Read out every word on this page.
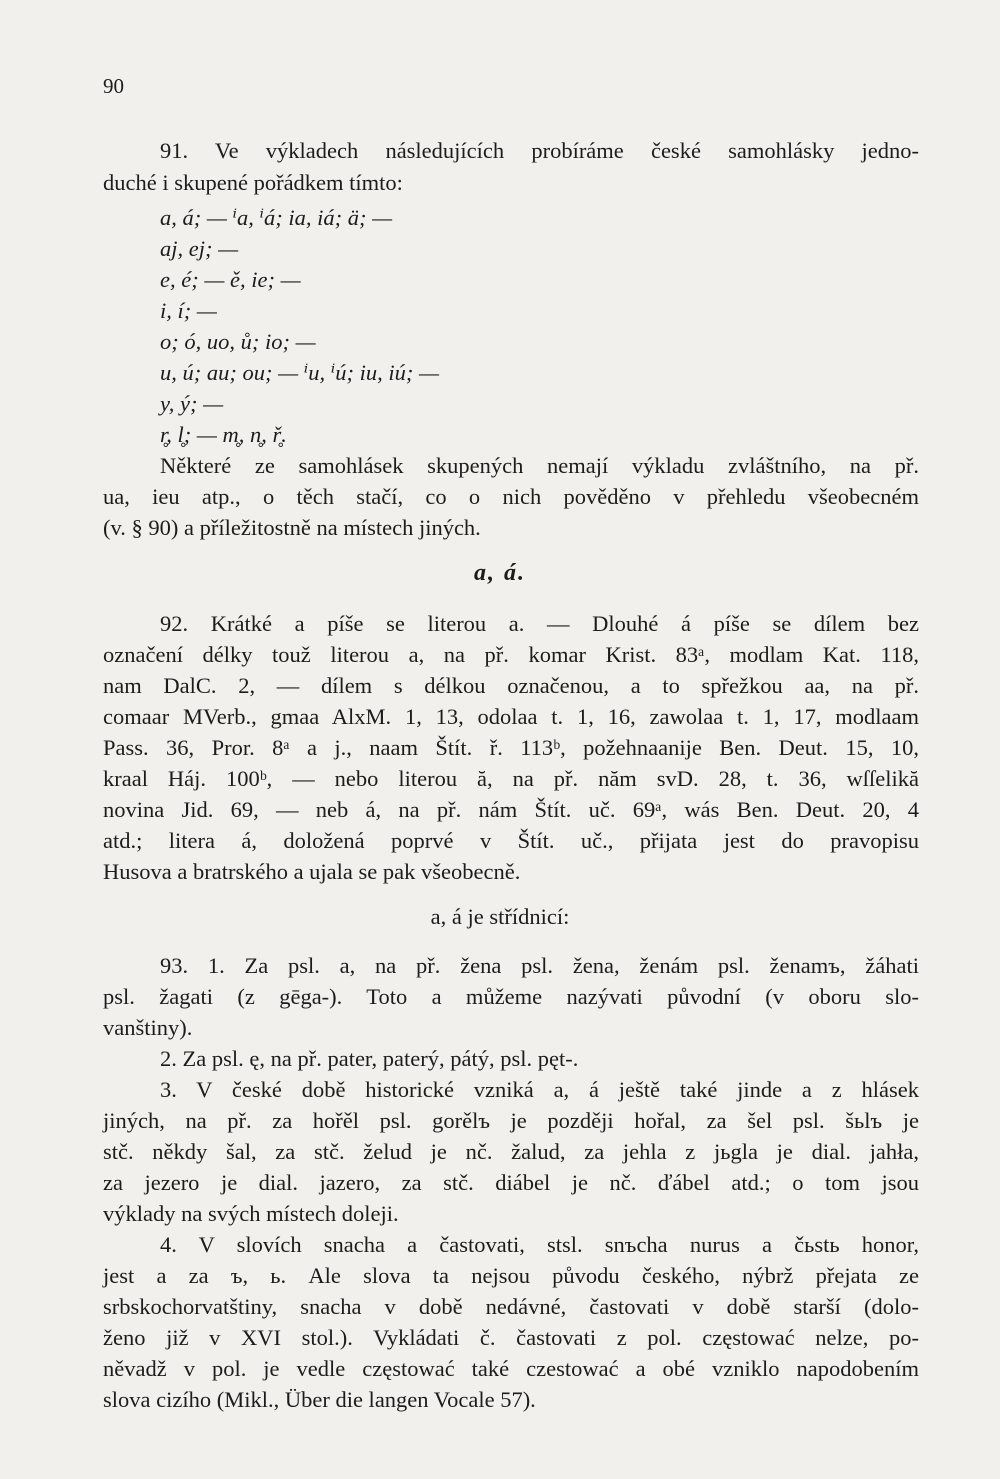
90
91. Ve výkladech následujících probíráme české samohlásky jedno-
duché i skupené pořádkem tímto:
a, á; — ⁱa, ⁱá; ia, iá; ä; —
aj, ej; —
e, é; — ě, ie; —
i, í; —
o; ó, uo, ů; io; —
u, ú; au; ou; — ⁱu, ⁱú; iu, iú; —
y, ý; —
r̥, l̥; — m̥, n̥, ř̥.
Některé ze samohlásek skupených nemají výkladu zvláštního, na př.
ua, ieu atp., o těch stačí, co o nich pověděno v přehledu všeobecném
(v. § 90) a příležitostně na místech jiných.
a, á.
92. Krátké a píše se literou a. — Dlouhé á píše se dílem bez
označení délky touž literou a, na př. komar Krist. 83ᵃ, modlam Kat. 118,
nam DalC. 2, — dílem s délkou označenou, a to spřežkou aa, na př.
comaar MVerb., gmaa AlxM. 1, 13, odolaa t. 1, 16, zawolaa t. 1, 17, modlaam
Pass. 36, Pror. 8ᵃ a j., naam Štít. ř. 113ᵇ, požehnaanije Ben. Deut. 15, 10,
kraal Háj. 100ᵇ, — nebo literou ă, na př. năm svD. 28, t. 36, wſſelikă
novina Jid. 69, — neb á, na př. nám Štít. uč. 69ᵃ, wás Ben. Deut. 20, 4
atd.; litera á, doložená poprvé v Štít. uč., přijata jest do pravopisu
Husova a bratrského a ujala se pak všeobecně.
a, á je střídnicí:
93. 1. Za psl. a, na př. žena psl. žena, ženám psl. ženamъ, žáhati
psl. žagati (z gēga-). Toto a můžeme nazývati původní (v oboru slo-
vanštiny).
2. Za psl. ę, na př. pater, paterý, pátý, psl. pęt-.
3. V české době historické vzniká a, á ještě také jinde a z hlásek
jiných, na př. za hořěl psl. gorělъ je později hořal, za šel psl. šьlъ je
stč. někdy šal, za stč. želud je nč. žalud, za jehla z jьgla je dial. jahła,
za jezero je dial. jazero, za stč. diábel je nč. ďábel atd.; o tom jsou
výklady na svých místech doleji.
4. V slovích snacha a častovati, stsl. snъcha nurus a čьstь honor,
jest a za ъ, ь. Ale slova ta nejsou původu českého, nýbrž přejata ze
srbskochorvatštiny, snacha v době nedávné, častovati v době starší (dolo-
ženo již v XVI stol.). Vykládati č. častovati z pol. częstować nelze, po-
něvadž v pol. je vedle częstować také czestować a obé vzniklo napodobením
slova cizího (Mikl., Über die langen Vocale 57).
